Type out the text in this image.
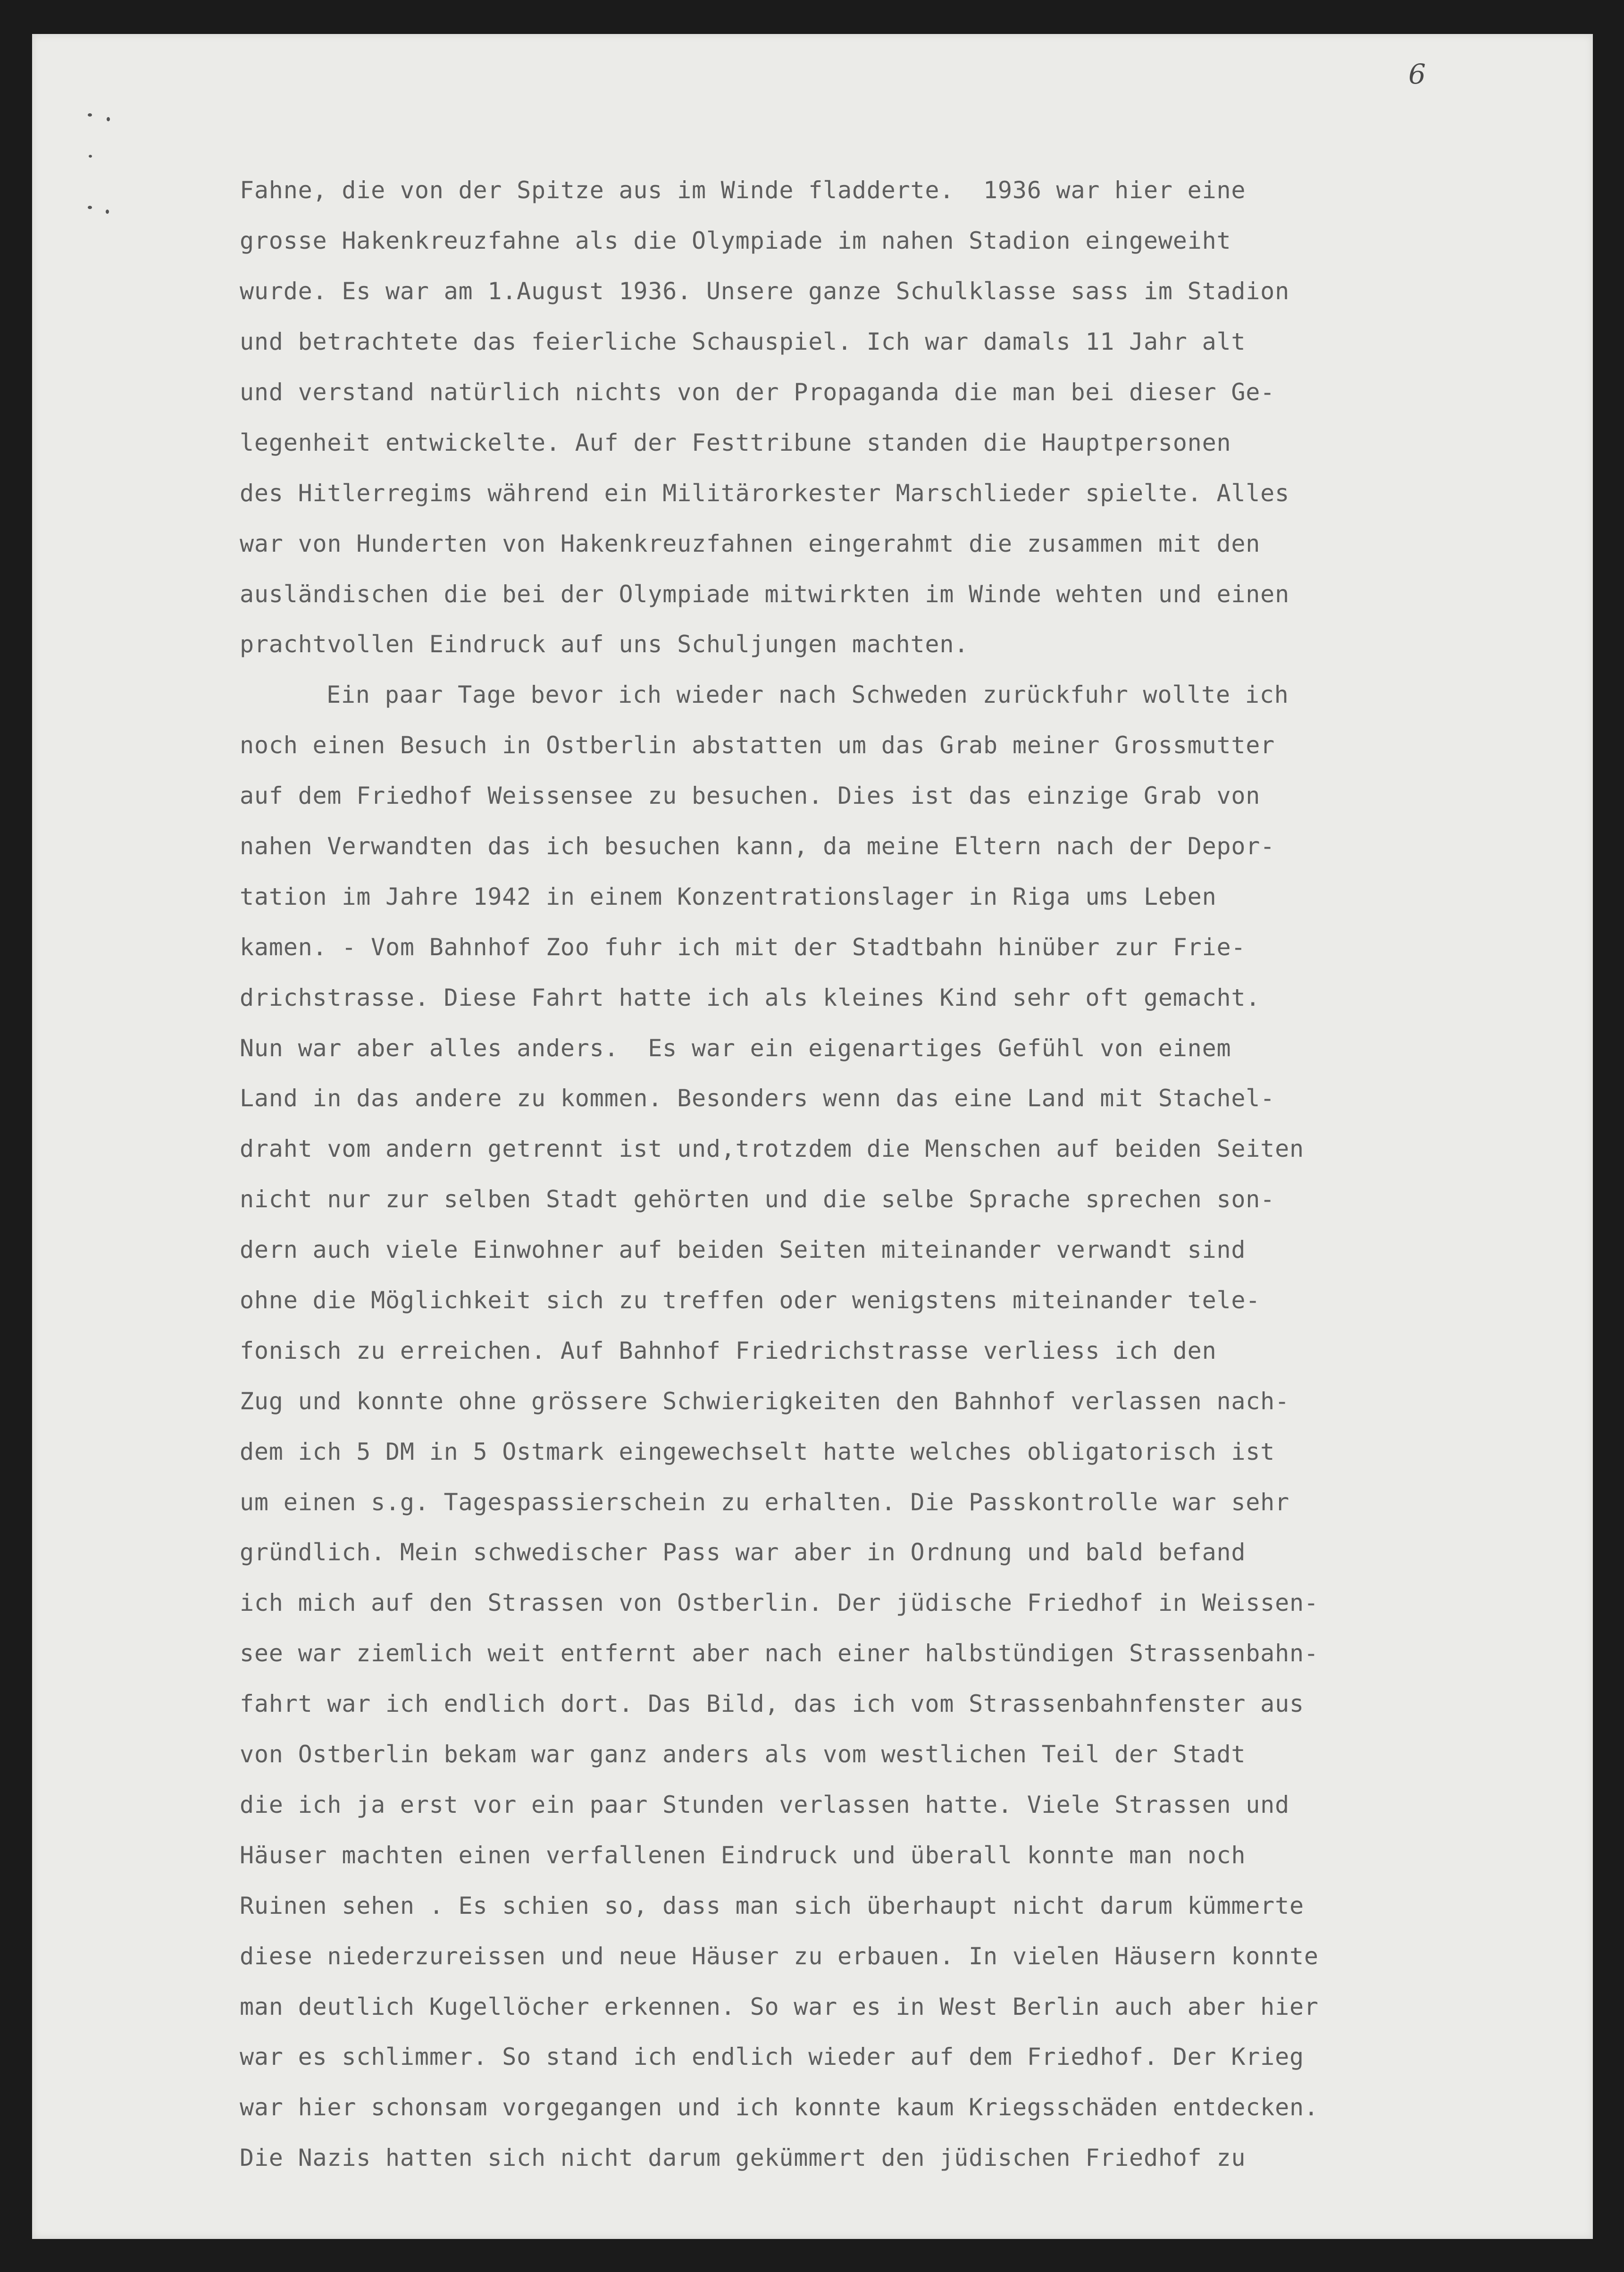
6
Fahne, die von der Spitze aus im Winde fladderte.  1936 war hier eine
grosse Hakenkreuzfahne als die Olympiade im nahen Stadion eingeweiht
wurde. Es war am 1.August 1936. Unsere ganze Schulklasse sass im Stadion
und betrachtete das feierliche Schauspiel. Ich war damals 11 Jahr alt
und verstand natürlich nichts von der Propaganda die man bei dieser Ge-
legenheit entwickelte. Auf der Festtribune standen die Hauptpersonen
des Hitlerregims während ein Militärorkester Marschlieder spielte. Alles
war von Hunderten von Hakenkreuzfahnen eingerahmt die zusammen mit den
ausländischen die bei der Olympiade mitwirkten im Winde wehten und einen
prachtvollen Eindruck auf uns Schuljungen machten.
Ein paar Tage bevor ich wieder nach Schweden zurückfuhr wollte ich
noch einen Besuch in Ostberlin abstatten um das Grab meiner Grossmutter
auf dem Friedhof Weissensee zu besuchen. Dies ist das einzige Grab von
nahen Verwandten das ich besuchen kann, da meine Eltern nach der Depor-
tation im Jahre 1942 in einem Konzentrationslager in Riga ums Leben
kamen. - Vom Bahnhof Zoo fuhr ich mit der Stadtbahn hinüber zur Frie-
drichstrasse. Diese Fahrt hatte ich als kleines Kind sehr oft gemacht.
Nun war aber alles anders.  Es war ein eigenartiges Gefühl von einem
Land in das andere zu kommen. Besonders wenn das eine Land mit Stachel-
draht vom andern getrennt ist und,trotzdem die Menschen auf beiden Seiten
nicht nur zur selben Stadt gehörten und die selbe Sprache sprechen son-
dern auch viele Einwohner auf beiden Seiten miteinander verwandt sind
ohne die Möglichkeit sich zu treffen oder wenigstens miteinander tele-
fonisch zu erreichen. Auf Bahnhof Friedrichstrasse verliess ich den
Zug und konnte ohne grössere Schwierigkeiten den Bahnhof verlassen nach-
dem ich 5 DM in 5 Ostmark eingewechselt hatte welches obligatorisch ist
um einen s.g. Tagespassierschein zu erhalten. Die Passkontrolle war sehr
gründlich. Mein schwedischer Pass war aber in Ordnung und bald befand
ich mich auf den Strassen von Ostberlin. Der jüdische Friedhof in Weissen-
see war ziemlich weit entfernt aber nach einer halbstündigen Strassenbahn-
fahrt war ich endlich dort. Das Bild, das ich vom Strassenbahnfenster aus
von Ostberlin bekam war ganz anders als vom westlichen Teil der Stadt
die ich ja erst vor ein paar Stunden verlassen hatte. Viele Strassen und
Häuser machten einen verfallenen Eindruck und überall konnte man noch
Ruinen sehen . Es schien so, dass man sich überhaupt nicht darum kümmerte
diese niederzureissen und neue Häuser zu erbauen. In vielen Häusern konnte
man deutlich Kugellöcher erkennen. So war es in West Berlin auch aber hier
war es schlimmer. So stand ich endlich wieder auf dem Friedhof. Der Krieg
war hier schonsam vorgegangen und ich konnte kaum Kriegsschäden entdecken.
Die Nazis hatten sich nicht darum gekümmert den jüdischen Friedhof zu
